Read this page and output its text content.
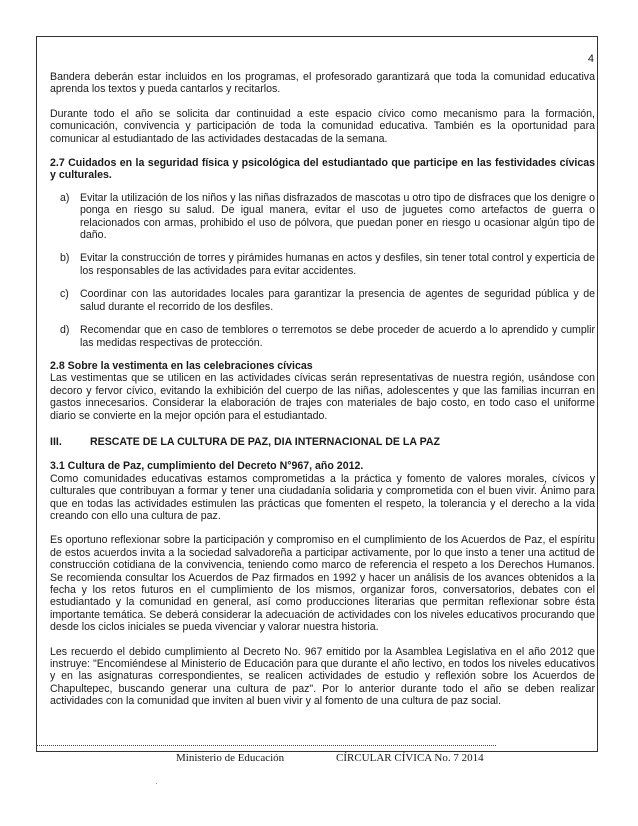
4

Bandera deberán estar incluidos en los programas, el profesorado garantizará que toda la comunidad educativa aprenda los textos y pueda cantarlos y recitarlos.

Durante todo el año se solicita dar continuidad a este espacio cívico como mecanismo para la formación, comunicación, convivencia y participación de toda la comunidad educativa. También es la oportunidad para comunicar al estudiantado de las actividades destacadas de la semana.

2.7 Cuidados en la seguridad física y psicológica del estudiantado que participe en las festividades cívicas y culturales.

a) Evitar la utilización de los niños y las niñas disfrazados de mascotas u otro tipo de disfraces que los denigre o ponga en riesgo su salud. De igual manera, evitar el uso de juguetes como artefactos de guerra o relacionados con armas, prohibido el uso de pólvora, que puedan poner en riesgo u ocasionar algún tipo de daño.
b) Evitar la construcción de torres y pirámides humanas en actos y desfiles, sin tener total control y experticia de los responsables de las actividades para evitar accidentes.
c)	Coordinar con las autoridades locales para garantizar la presencia de agentes de seguridad pública y de salud durante el recorrido de los desfiles.
d) Recomendar que en caso de temblores o terremotos se debe proceder de acuerdo a lo aprendido y cumplir las medidas respectivas de protección.

2.8 Sobre la vestimenta en las celebraciones cívicas

Las vestimentas que se utilicen en las actividades cívicas serán representativas de nuestra región, usándose con decoro y fervor cívico, evitando la exhibición del cuerpo de las niñas, adolescentes y que las familias incurran en gastos innecesarios. Considerar la elaboración de trajes con materiales de bajo costo, en todo caso el uniforme diario se convierte en la mejor opción para el estudiantado.

III.	RESCATE DE LA CULTURA DE PAZ, DIA INTERNACIONAL DE LA PAZ

3.1 Cultura de Paz, cumplimiento del Decreto N°967, año 2012.

Como comunidades educativas estamos comprometidas a la práctica y fomento de valores morales, cívicos y culturales que contribuyan a formar y tener una ciudadanía solidaria y comprometida con el buen vivir. Ánimo para que en todas las actividades estimulen las prácticas que fomenten el respeto, la tolerancia y el derecho a la vida creando con ello una cultura de paz.

Es oportuno reflexionar sobre la participación y compromiso en el cumplimiento de los Acuerdos de Paz, el espíritu de estos acuerdos invita a la sociedad salvadoreña a participar activamente, por lo que insto a tener una actitud de construcción cotidiana de la convivencia, teniendo como marco de referencia el respeto a los Derechos Humanos. Se recomienda consultar los Acuerdos de Paz firmados en 1992 y hacer un análisis de los avances obtenidos a la fecha y los retos futuros en el cumplimiento de los mismos, organizar foros, conversatorios, debates con el estudiantado y la comunidad en general, así como producciones literarias que permitan reflexionar sobre ésta importante temática. Se deberá considerar la adecuación de actividades con los niveles educativos procurando que desde los ciclos iniciales se pueda vivenciar y valorar nuestra historia.

Les recuerdo el debido cumplimiento al Decreto No. 967 emitido por la Asamblea Legislativa en el año 2012 que instruye: "Encomiéndese al Ministerio de Educación para que durante el año lectivo, en todos los niveles educativos y en las asignaturas correspondientes, se realicen actividades de estudio y reflexión sobre los Acuerdos de Chapultepec, buscando generar una cultura de paz". Por lo anterior durante todo el año se deben realizar actividades con la comunidad que inviten al buen vivir y al fomento de una cultura de paz social.

Ministerio de Educación	CÍRCULAR CÍVICA No. 7 2014
·
